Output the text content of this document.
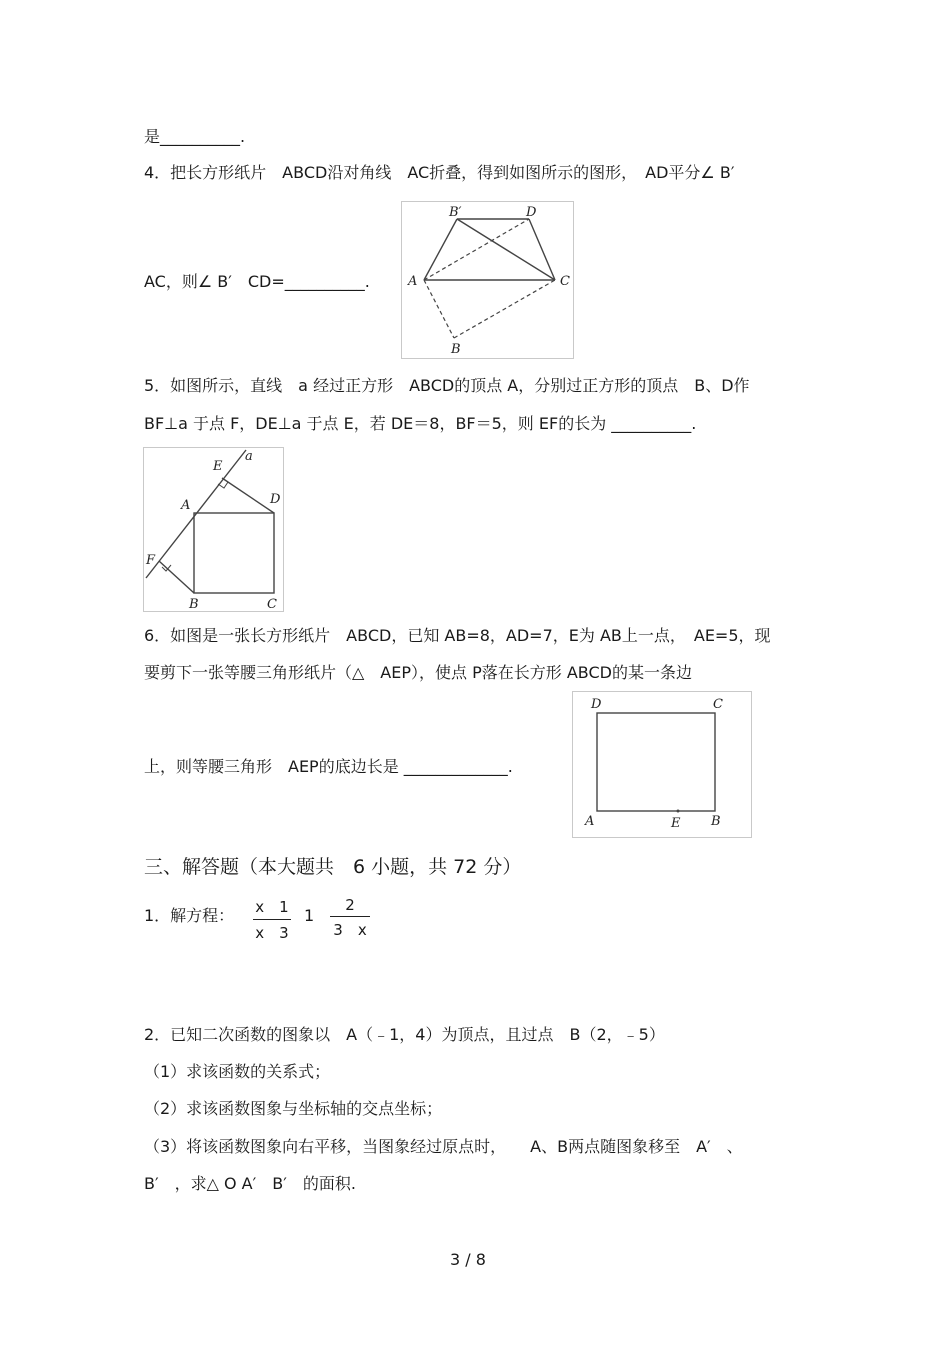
是__________.
4．把长方形纸片　ABCD沿对角线　AC折叠，得到如图所示的图形，　AD平分∠ B′
AC，则∠ B′　CD=__________.
B′	D
A	C
B
5．如图所示，直线　a 经过正方形　ABCD的顶点 A，分别过正方形的顶点　B、D作
BF⊥a 于点 F，DE⊥a 于点 E，若 DE＝8，BF＝5，则 EF的长为 __________.
E
a
A	D
F
B	C
6．如图是一张长方形纸片　ABCD，已知 AB=8，AD=7，E为 AB上一点，　AE=5，现
要剪下一张等腰三角形纸片（△　AEP），使点 P落在长方形 ABCD的某一条边
上，则等腰三角形　AEP的底边长是 _____________.
D	C
A	E B
三、解答题（本大题共　6 小题，共 72 分）
1．解方程： x　1
x　3
1
2
3　x
2．已知二次函数的图象以　A（﹣1，4）为顶点，且过点　B（2，﹣5）
（1）求该函数的关系式；
（2）求该函数图象与坐标轴的交点坐标；
（3）将该函数图象向右平移，当图象经过原点时，　　A、B两点随图象移至　A′　、
B′　，求△ O A′　B′　的面积.
3 / 8
